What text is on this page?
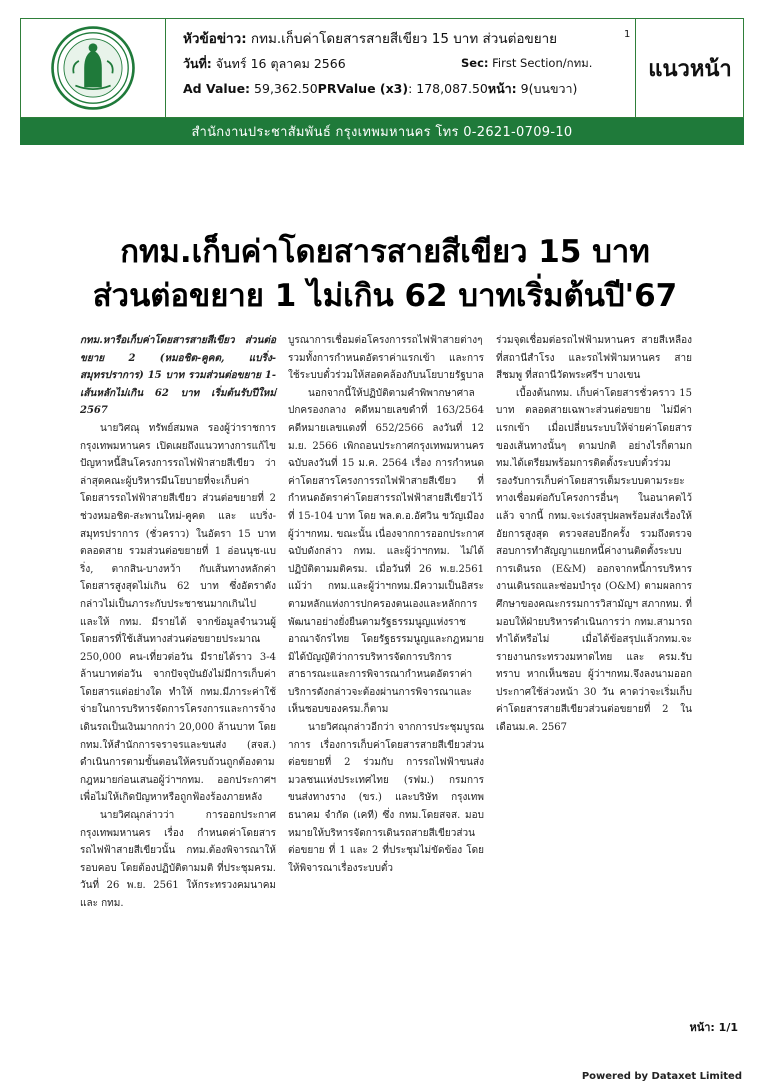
หัวข้อข่าว: กทม.เก็บค่าโดยสารสายสีเขียว 15 บาท ส่วนต่อขยาย
วันที่: จันทร์ 16 ตุลาคม 2566
Ad Value: 59,362.50PRValue (x3): 178,087.50หน้า: 9(บนขวา)
Sec: First Section/กทม.
1
แนวหน้า
สำนักงานประชาสัมพันธ์ กรุงเทพมหานคร โทร 0-2621-0709-10
กทม.เก็บค่าโดยสารสายสีเขียว 15 บาท
ส่วนต่อขยาย 1 ไม่เกิน 62 บาทเริ่มต้นปี'67

กทม.หารือเก็บค่าโดยสารสายสีเขียว ส่วนต่อขยาย 2 (หมอชิต-คูคต, แบริ่ง-สมุทรปราการ) 15 บาท รวมส่วนต่อขยาย 1-เส้นหลักไม่เกิน 62 บาท เริ่มต้นรับปีใหม่ 2567

นายวิศณุ ทรัพย์สมพล รองผู้ว่าราชการกรุงเทพมหานคร เปิดเผยถึงแนวทางการแก้ไขปัญหาหนี้สินโครงการรถไฟฟ้าสายสีเขียว ว่า ล่าสุดคณะผู้บริหารมีนโยบายที่จะเก็บค่าโดยสารรถไฟฟ้าสายสีเขียว ส่วนต่อขยายที่ 2 ช่วงหมอชิต-สะพานใหม่-คูคต และ แบริ่ง-สมุทรปราการ (ชั่วคราว) ในอัตรา 15 บาทตลอดสาย รวมส่วนต่อขยายที่ 1 อ่อนนุช-แบริ่ง, ตากสิน-บางหว้า กับเส้นทางหลักค่าโดยสารสูงสุดไม่เกิน 62 บาท ซึ่งอัตราดังกล่าวไม่เป็นภาระกับประชาชนมากเกินไป และให้ กทม. มีรายได้ จากข้อมูลจำนวนผู้โดยสารที่ใช้เส้นทางส่วนต่อขยายประมาณ 250,000 คน-เที่ยวต่อวัน มีรายได้ราว 3-4 ล้านบาทต่อวัน จากปัจจุบันยังไม่มีการเก็บค่าโดยสารแต่อย่างใด ทำให้ กทม.มีภาระค่าใช้จ่ายในการบริหารจัดการโครงการและการจ้างเดินรถเป็นเงินมากกว่า 20,000 ล้านบาท โดย กทม.ให้สำนักการจราจรและขนส่ง (สจส.) ดำเนินการตามขั้นตอนให้ครบถ้วนถูกต้องตามกฎหมายก่อนเสนอผู้ว่าฯกทม. ออกประกาศฯ เพื่อไม่ให้เกิดปัญหาหรือถูกฟ้องร้องภายหลัง

นายวิศณุกล่าวว่า การออกประกาศกรุงเทพมหานคร เรื่อง กำหนดค่าโดยสารรถไฟฟ้าสายสีเขียวนั้น กทม.ต้องพิจารณาให้รอบคอบ โดยต้องปฏิบัติตามมติ ที่ประชุมครม. วันที่ 26 พ.ย. 2561 ให้กระทรวงคมนาคม และ กทม.

บูรณาการเชื่อมต่อโครงการรถไฟฟ้าสายต่างๆ รวมทั้งการกำหนดอัตราค่าแรกเข้า และการใช้ระบบตั๋วร่วมให้สอดคล้องกับนโยบายรัฐบาล

นอกจากนี้ให้ปฏิบัติตามคำพิพากษาศาลปกครองกลาง คดีหมายเลขดำที่ 163/2564 คดีหมายเลขแดงที่ 652/2566 ลงวันที่ 12 ม.ย. 2566 เพิกถอนประกาศกรุงเทพมหานคร ฉบับลงวันที่ 15 ม.ค. 2564 เรื่อง การกำหนดค่าโดยสารโครงการรถไฟฟ้าสายสีเขียว ที่กำหนดอัตราค่าโดยสารรถไฟฟ้าสายสีเขียวไว้ที่ 15-104 บาท โดย พล.ต.อ.อัศวิน ขวัญเมือง ผู้ว่าฯกทม. ขณะนั้น เนื่องจากการออกประกาศฉบับดังกล่าว กทม. และผู้ว่าฯกทม. ไม่ได้ปฏิบัติตามมติครม. เมื่อวันที่ 26 พ.ย.2561 แม้ว่า กทม.และผู้ว่าฯกทม.มีความเป็นอิสระตามหลักแห่งการปกครองตนเองและหลักการพัฒนาอย่างยั่งยืนตามรัฐธรรมนูญแห่งราชอาณาจักรไทย โดยรัฐธรรมนูญและกฎหมายมิได้บัญญัติว่าการบริหารจัดการบริการสาธารณะและการพิจารณากำหนดอัตราค่าบริการดังกล่าวจะต้องผ่านการพิจารณาและเห็นชอบของครม.ก็ตาม

นายวิศณุกล่าวอีกว่า จากการประชุมบูรณาการ เรื่องการเก็บค่าโดยสารสายสีเขียวส่วนต่อขยายที่ 2 ร่วมกับ การรถไฟฟ้าขนส่งมวลชนแห่งประเทศไทย (รฟม.) กรมการขนส่งทางราง (ขร.) และบริษัท กรุงเทพธนาคม จำกัด (เคที) ซึ่ง กทม.โดยสจส. มอบหมายให้บริหารจัดการเดินรถสายสีเขียวส่วนต่อขยาย ที่ 1 และ 2 ที่ประชุมไม่ขัดข้อง โดยให้พิจารณาเรื่องระบบตั๋ว

ร่วมจุดเชื่อมต่อรถไฟฟ้ามหานคร สายสีเหลือง ที่สถานีสำโรง และรถไฟฟ้ามหานคร สายสีชมพู ที่สถานีวัดพระศรีฯ บางเขน

เบื้องต้นกทม. เก็บค่าโดยสารชั่วคราว 15 บาท ตลอดสายเฉพาะส่วนต่อขยาย ไม่มีค่าแรกเข้า เมื่อเปลี่ยนระบบให้จ่ายค่าโดยสารของเส้นทางนั้นๆ ตามปกติ อย่างไรก็ตามกทม.ได้เตรียมพร้อมการติดตั้งระบบตั๋วร่วมรองรับการเก็บค่าโดยสารเต็มระบบตามระยะทางเชื่อมต่อกับโครงการอื่นๆ ในอนาคตไว้แล้ว จากนี้ กทม.จะเร่งสรุปผลพร้อมส่งเรื่องให้อัยการสูงสุด ตรวจสอบอีกครั้ง รวมถึงตรวจสอบการทำสัญญาแยกหนี้ค่างานติดตั้งระบบการเดินรถ (E&M) ออกจากหนี้การบริหารงานเดินรถและซ่อมบำรุง (O&M) ตามผลการศึกษาของคณะกรรมการวิสามัญฯ สภากทม. ที่มอบให้ฝ่ายบริหารดำเนินการว่า กทม.สามารถทำได้หรือไม่ เมื่อได้ข้อสรุปแล้วกทม.จะรายงานกระทรวงมหาดไทย และ ครม.รับทราบ หากเห็นชอบ ผู้ว่าฯกทม.จึงลงนามออกประกาศใช้ล่วงหน้า 30 วัน คาดว่าจะเริ่มเก็บค่าโดยสารสายสีเขียวส่วนต่อขยายที่ 2 ในเดือนม.ค. 2567

หน้า: 1/1
Powered by Dataxet Limited
